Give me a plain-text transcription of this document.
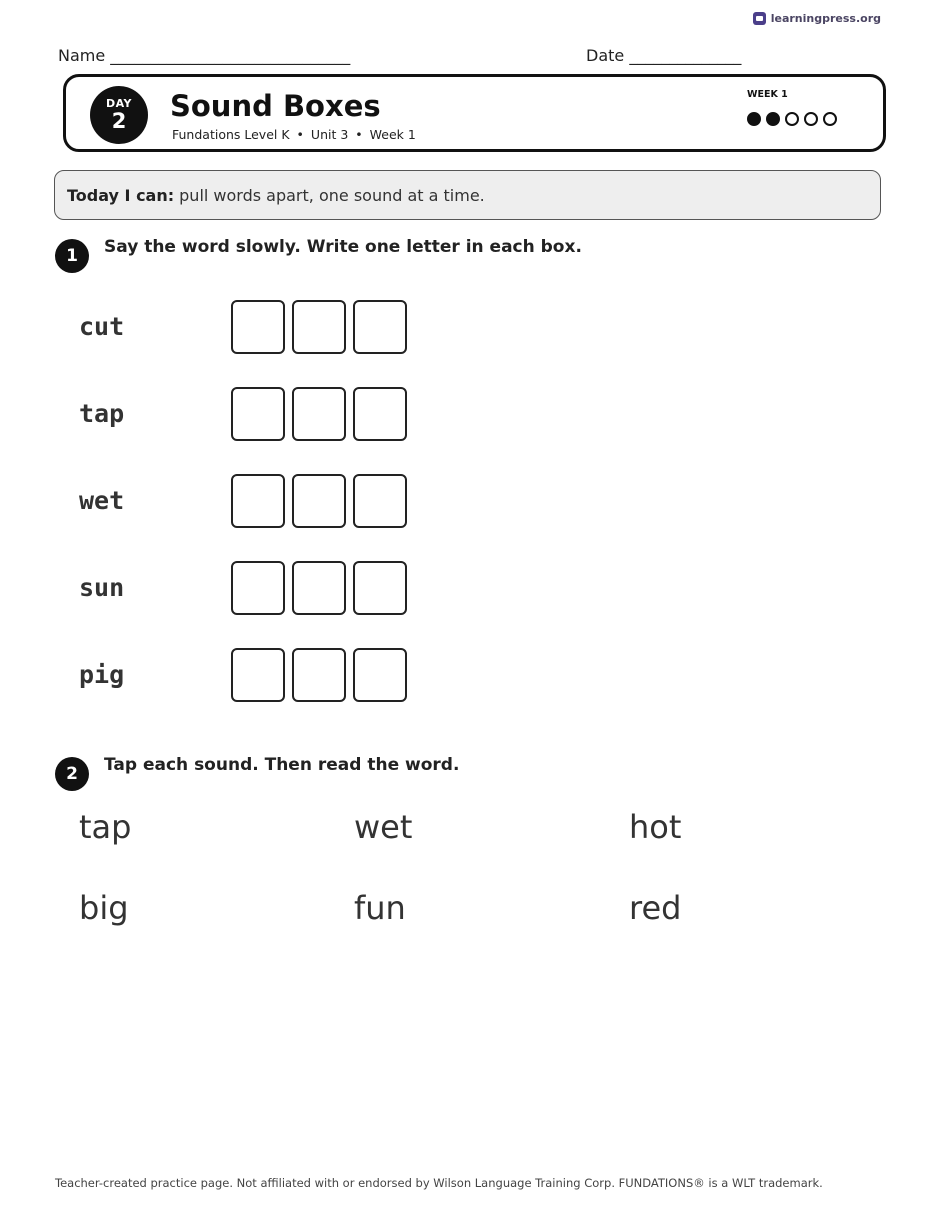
learningpress.org
Name ______________________________	Date ______________
DAY
2	Sound Boxes
Fundations Level K • Unit 3 • Week 1
WEEK 1
Today I can: pull words apart, one sound at a time.
1	Say the word slowly. Write one letter in each box.
cut
tap
wet
sun
pig
2	Tap each sound. Then read the word.
tap	wet	hot
big	fun	red
Teacher-created practice page. Not affiliated with or endorsed by Wilson Language Training Corp. FUNDATIONS® is a WLT trademark.
